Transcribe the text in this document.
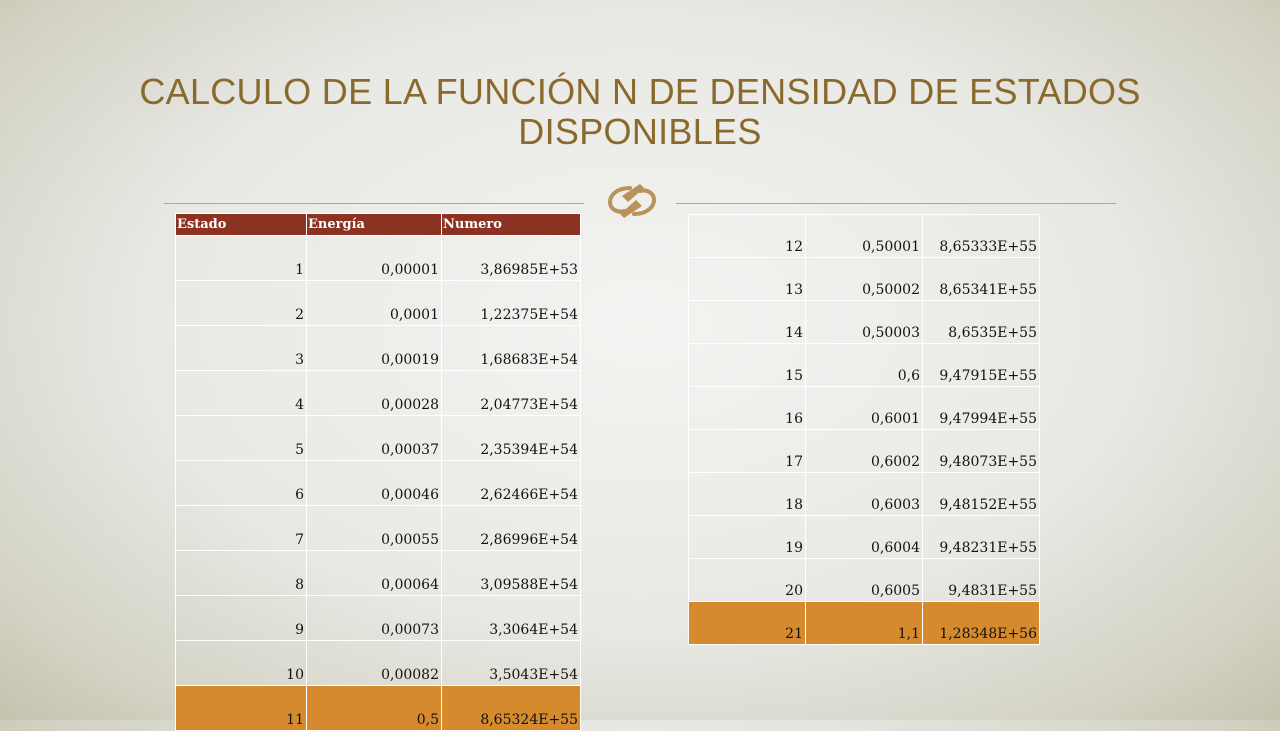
CALCULO DE LA FUNCIÓN N DE DENSIDAD DE ESTADOS DISPONIBLES
Estado	Energía	Numero
1	0,00001	3,86985E+53
2	0,0001	1,22375E+54
3	0,00019	1,68683E+54
4	0,00028	2,04773E+54
5	0,00037	2,35394E+54
6	0,00046	2,62466E+54
7	0,00055	2,86996E+54
8	0,00064	3,09588E+54
9	0,00073	3,3064E+54
10	0,00082	3,5043E+54
11	0,5	8,65324E+55
12	0,50001	8,65333E+55
13	0,50002	8,65341E+55
14	0,50003	8,6535E+55
15	0,6	9,47915E+55
16	0,6001	9,47994E+55
17	0,6002	9,48073E+55
18	0,6003	9,48152E+55
19	0,6004	9,48231E+55
20	0,6005	9,4831E+55
21	1,1	1,28348E+56
